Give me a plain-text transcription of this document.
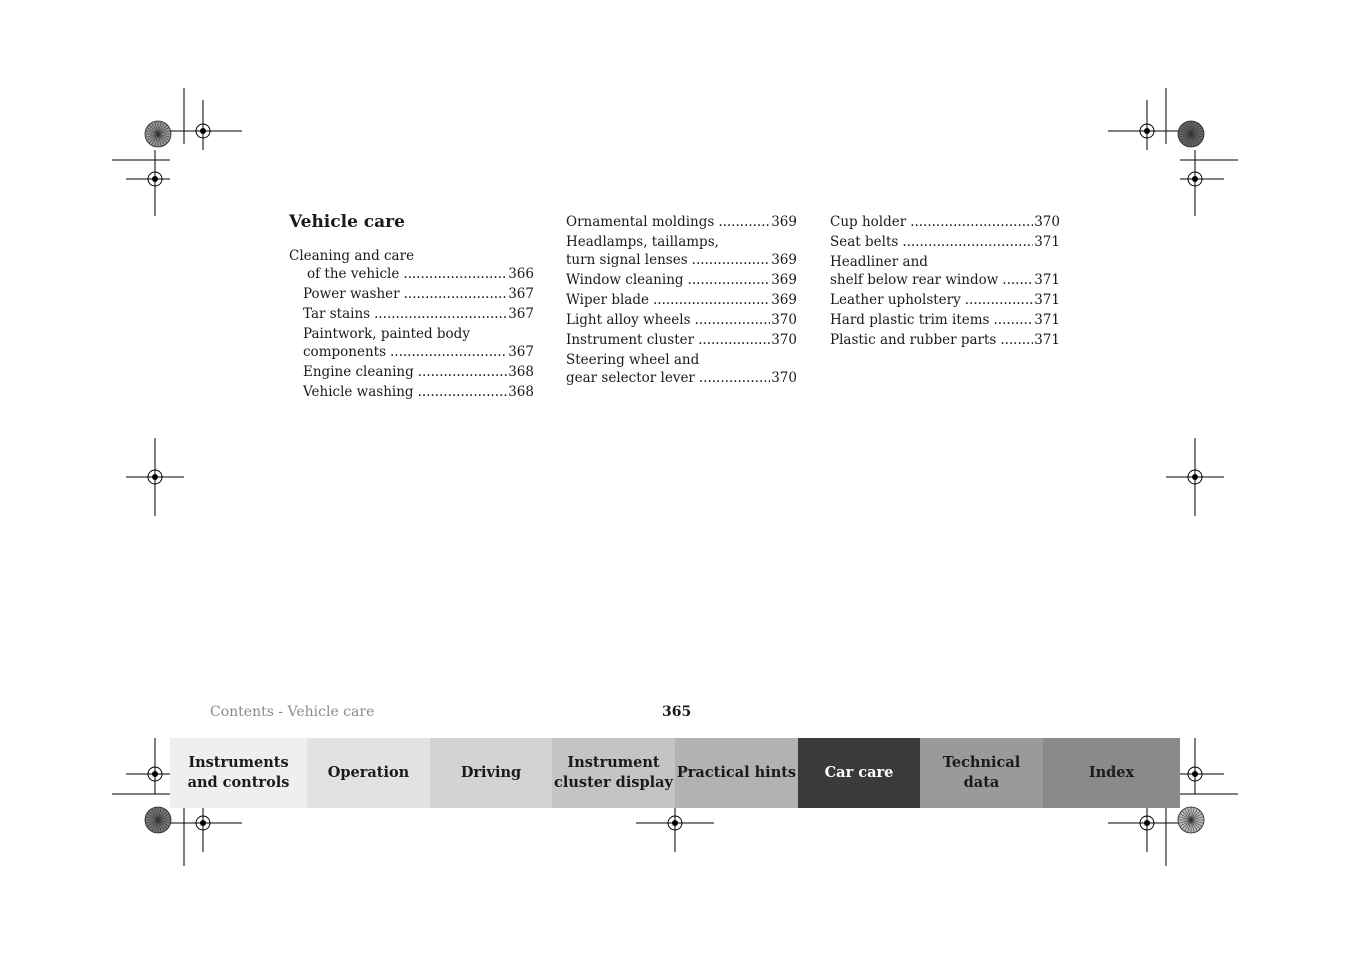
Vehicle care
Cleaning and care
of the vehicle .....	366
Power washer .....	367
Tar stains .....	367
Paintwork, painted body
components .....	367
Engine cleaning .....	368
Vehicle washing .....	368
Ornamental moldings .....	369
Headlamps, taillamps,
turn signal lenses .....	369
Window cleaning .....	369
Wiper blade .....	369
Light alloy wheels .....	370
Instrument cluster .....	370
Steering wheel and
gear selector lever .....	370
Cup holder .....	370
Seat belts .....	371
Headliner and
shelf below rear window .....	371
Leather upholstery .....	371
Hard plastic trim items .....	371
Plastic and rubber parts .....	371
Contents - Vehicle care	365
Instruments
and controls
Operation	Driving
Instrument
cluster display
Practical hints	Car care
Technical
data
Index
